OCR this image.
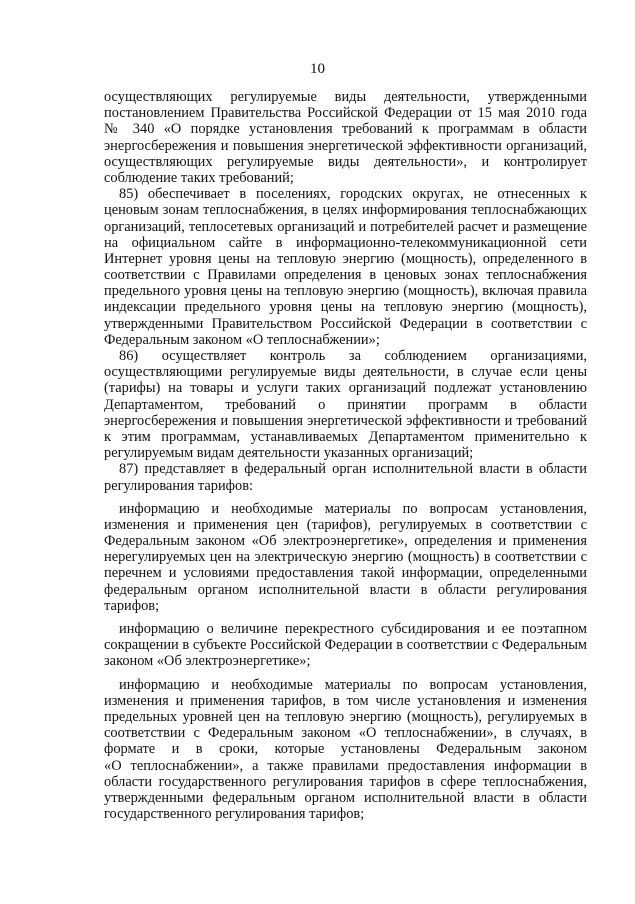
10
осуществляющих регулируемые виды деятельности, утвержденными
постановлением Правительства Российской Федерации от 15 мая 2010 года
№ 340 «О порядке установления требований к программам в области
энергосбережения и повышения энергетической эффективности организаций,
осуществляющих регулируемые виды деятельности», и контролирует
соблюдение таких требований;
85) обеспечивает в поселениях, городских округах, не отнесенных к
ценовым зонам теплоснабжения, в целях информирования теплоснабжающих
организаций, теплосетевых организаций и потребителей расчет и размещение
на официальном сайте в информационно-телекоммуникационной сети
Интернет уровня цены на тепловую энергию (мощность), определенного в
соответствии с Правилами определения в ценовых зонах теплоснабжения
предельного уровня цены на тепловую энергию (мощность), включая правила
индексации предельного уровня цены на тепловую энергию (мощность),
утвержденными Правительством Российской Федерации в соответствии с
Федеральным законом «О теплоснабжении»;
86) осуществляет контроль за соблюдением организациями,
осуществляющими регулируемые виды деятельности, в случае если цены
(тарифы) на товары и услуги таких организаций подлежат установлению
Департаментом, требований о принятии программ в области
энергосбережения и повышения энергетической эффективности и требований
к этим программам, устанавливаемых Департаментом применительно к
регулируемым видам деятельности указанных организаций;
87) представляет в федеральный орган исполнительной власти в области
регулирования тарифов:
информацию и необходимые материалы по вопросам установления,
изменения и применения цен (тарифов), регулируемых в соответствии с
Федеральным законом «Об электроэнергетике», определения и применения
нерегулируемых цен на электрическую энергию (мощность) в соответствии с
перечнем и условиями предоставления такой информации, определенными
федеральным органом исполнительной власти в области регулирования
тарифов;
информацию о величине перекрестного субсидирования и ее поэтапном
сокращении в субъекте Российской Федерации в соответствии с Федеральным
законом «Об электроэнергетике»;
информацию и необходимые материалы по вопросам установления,
изменения и применения тарифов, в том числе установления и изменения
предельных уровней цен на тепловую энергию (мощность), регулируемых в
соответствии с Федеральным законом «О теплоснабжении», в случаях, в
формате и в сроки, которые установлены Федеральным законом
«О теплоснабжении», а также правилами предоставления информации в
области государственного регулирования тарифов в сфере теплоснабжения,
утвержденными федеральным органом исполнительной власти в области
государственного регулирования тарифов;
